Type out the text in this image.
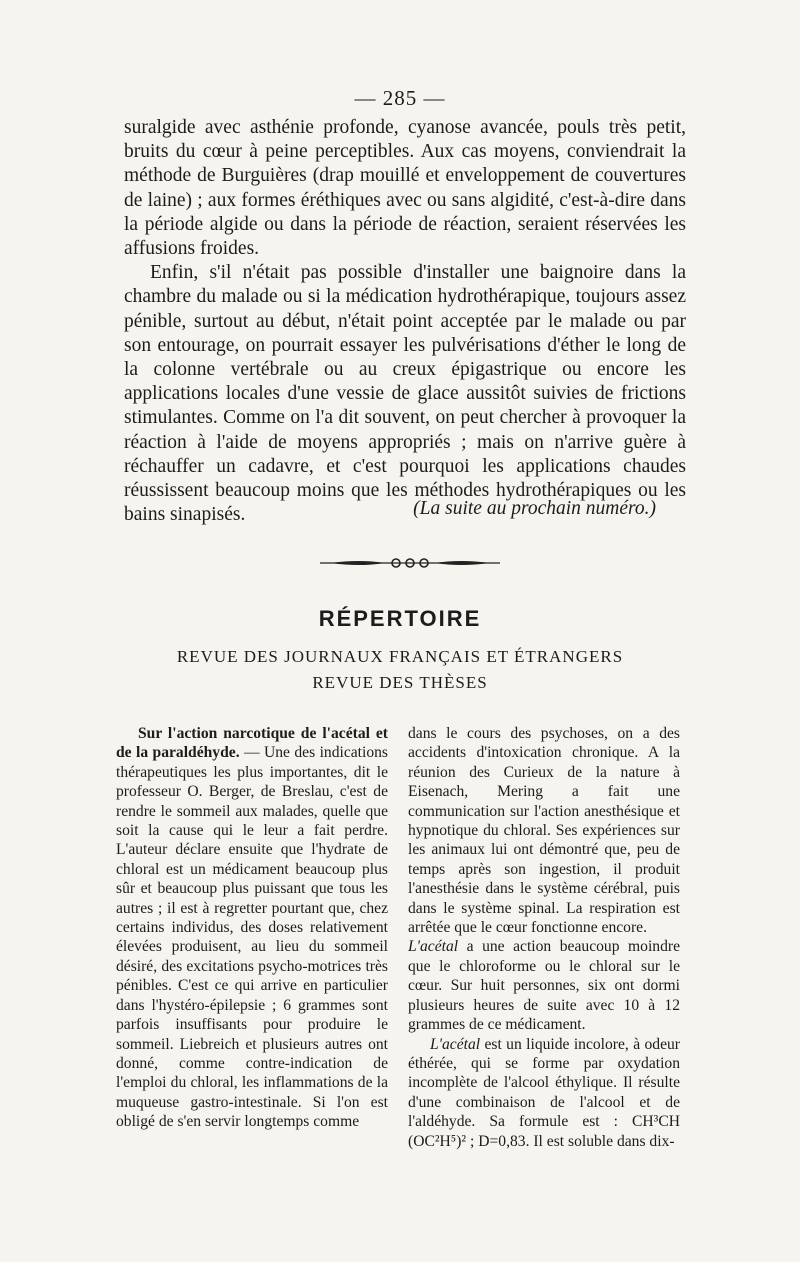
— 285 —

suralgide avec asthénie profonde, cyanose avancée, pouls très petit, bruits du cœur à peine perceptibles. Aux cas moyens, conviendrait la méthode de Burguières (drap mouillé et enveloppement de couvertures de laine) ; aux formes éréthiques avec ou sans algidité, c'est-à-dire dans la période algide ou dans la période de réaction, seraient réservées les affusions froides.

Enfin, s'il n'était pas possible d'installer une baignoire dans la chambre du malade ou si la médication hydrothérapique, toujours assez pénible, surtout au début, n'était point acceptée par le malade ou par son entourage, on pourrait essayer les pulvérisations d'éther le long de la colonne vertébrale ou au creux épigastrique ou encore les applications locales d'une vessie de glace aussitôt suivies de frictions stimulantes. Comme on l'a dit souvent, on peut chercher à provoquer la réaction à l'aide de moyens appropriés ; mais on n'arrive guère à réchauffer un cadavre, et c'est pourquoi les applications chaudes réussissent beaucoup moins que les méthodes hydrothérapiques ou les bains sinapisés.	(La suite au prochain numéro.)
RÉPERTOIRE
REVUE DES JOURNAUX FRANÇAIS ET ÉTRANGERS
REVUE DES THÈSES

Sur l'action narcotique de l'acétal et de la paraldéhyde. — Une des indications thérapeutiques les plus importantes, dit le professeur O. Berger, de Breslau, c'est de rendre le sommeil aux malades, quelle que soit la cause qui le leur a fait perdre. L'auteur déclare ensuite que l'hydrate de chloral est un médicament beaucoup plus sûr et beaucoup plus puissant que tous les autres ; il est à regretter pourtant que, chez certains individus, des doses relativement élevées produisent, au lieu du sommeil désiré, des excitations psycho-motrices très pénibles. C'est ce qui arrive en particulier dans l'hystéro-épilepsie ; 6 grammes sont parfois insuffisants pour produire le sommeil. Liebreich et plusieurs autres ont donné, comme contre-indication de l'emploi du chloral, les inflammations de la muqueuse gastro-intestinale. Si l'on est obligé de s'en servir longtemps comme

dans le cours des psychoses, on a des accidents d'intoxication chronique. A la réunion des Curieux de la nature à Eisenach, Mering a fait une communication sur l'action anesthésique et hypnotique du chloral. Ses expériences sur les animaux lui ont démontré que, peu de temps après son ingestion, il produit l'anesthésie dans le système cérébral, puis dans le système spinal. La respiration est arrêtée que le cœur fonctionne encore.

L'acétal a une action beaucoup moindre que le chloroforme ou le chloral sur le cœur. Sur huit personnes, six ont dormi plusieurs heures de suite avec 10 à 12 grammes de ce médicament.

L'acétal est un liquide incolore, à odeur éthérée, qui se forme par oxydation incomplète de l'alcool éthylique. Il résulte d'une combinaison de l'alcool et de l'aldéhyde. Sa formule est : CH³CH (OC²H⁵)² ; D=0,83. Il est soluble dans dix-
